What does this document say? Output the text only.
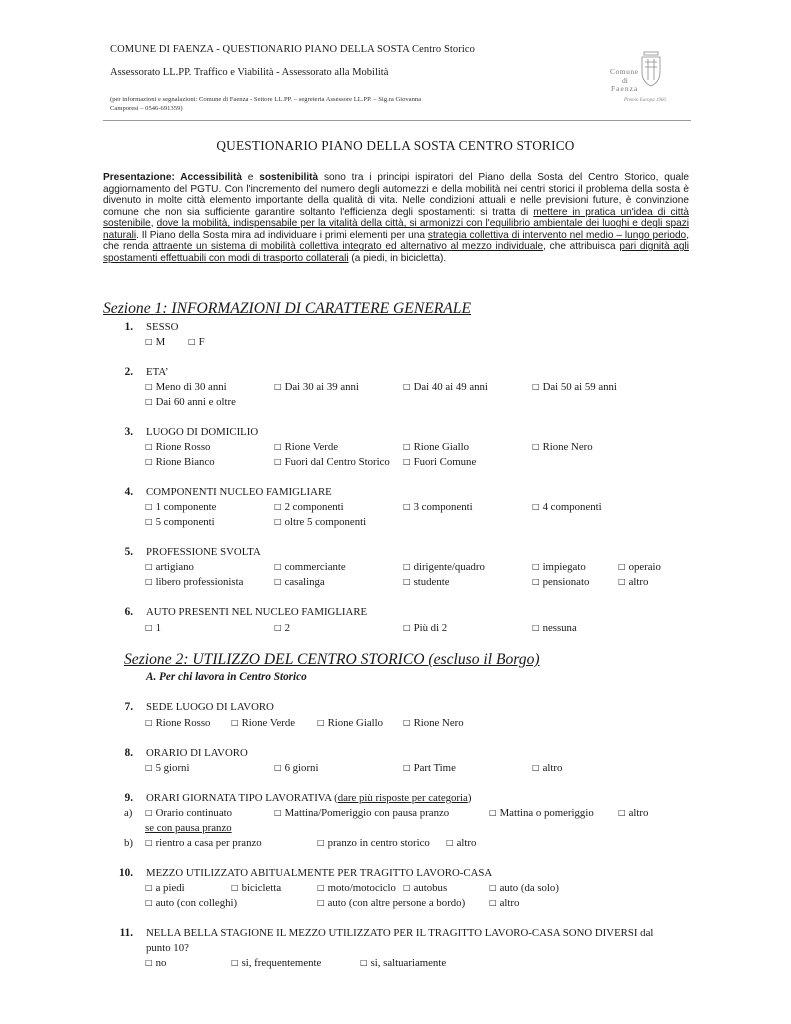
COMUNE DI FAENZA - QUESTIONARIO PIANO DELLA SOSTA Centro Storico
Assessorato LL.PP. Traffico e Viabilità - Assessorato alla Mobilità
(per informazioni e segnalazioni: Comune di Faenza - Settore LL.PP. – segreteria Assessore LL.PP. – Sig.ra Giovanna Camporesi – 0546-691359)
Comune
di
Faenza
Premio Europa 1966
QUESTIONARIO PIANO DELLA SOSTA CENTRO STORICO
Presentazione: Accessibilità e sostenibilità sono tra i principi ispiratori del Piano della Sosta del Centro Storico, quale aggiornamento del PGTU. Con l'incremento del numero degli automezzi e della mobilità nei centri storici il problema della sosta è divenuto in molte città elemento importante della qualità di vita. Nelle condizioni attuali e nelle previsioni future, è convinzione comune che non sia sufficiente garantire soltanto l'efficienza degli spostamenti: si tratta di mettere in pratica un'idea di città sostenibile, dove la mobilità, indispensabile per la vitalità della città, si armonizzi con l'equilibrio ambientale dei luoghi e degli spazi naturali. Il Piano della Sosta mira ad individuare i primi elementi per una strategia collettiva di intervento nel medio – lungo periodo, che renda attraente un sistema di mobilità collettiva integrato ed alternativo al mezzo individuale, che attribuisca pari dignità agli spostamenti effettuabili con modi di trasporto collaterali (a piedi, in bicicletta).
Sezione 1: INFORMAZIONI DI CARATTERE GENERALE
1. SESSO
□ M	□ F
2. ETA’
□ Meno di 30 anni	□ Dai 30 ai 39 anni	□ Dai 40 ai 49 anni	□ Dai 50 ai 59 anni
□ Dai 60 anni e oltre
3. LUOGO DI DOMICILIO
□ Rione Rosso	□ Rione Verde	□ Rione Giallo	□ Rione Nero
□ Rione Bianco	□ Fuori dal Centro Storico □ Fuori Comune
4. COMPONENTI NUCLEO FAMIGLIARE
□ 1 componente	□ 2 componenti	□ 3 componenti	□ 4 componenti
□ 5 componenti	□ oltre 5 componenti
5. PROFESSIONE SVOLTA
□ artigiano	□ commerciante	□ dirigente/quadro	□ impiegato	□ operaio
□ libero professionista	□ casalinga	□ studente	□ pensionato	□ altro
6. AUTO PRESENTI NEL NUCLEO FAMIGLIARE
□ 1	□ 2	□ Più di 2	□ nessuna
Sezione 2: UTILIZZO DEL CENTRO STORICO (escluso il Borgo)
A. Per chi lavora in Centro Storico
7. SEDE LUOGO DI LAVORO
□ Rione Rosso	□ Rione Verde	□ Rione Giallo □ Rione Nero
8. ORARIO DI LAVORO
□ 5 giorni	□ 6 giorni	□ Part Time	□ altro
9. ORARI GIORNATA TIPO LAVORATIVA (dare più risposte per categoria)
a) □ Orario continuato	□ Mattina/Pomeriggio con pausa pranzo	□ Mattina o pomeriggio	□ altro
se con pausa pranzo
b) □ rientro a casa per pranzo	□ pranzo in centro storico □ altro
10. MEZZO UTILIZZATO ABITUALMENTE PER TRAGITTO LAVORO-CASA
□ a piedi	□ bicicletta	□ moto/motociclo □ autobus	□ auto (da solo)
□ auto (con colleghi)	□ auto (con altre persone a bordo)	□ altro
11. NELLA BELLA STAGIONE IL MEZZO UTILIZZATO PER IL TRAGITTO LAVORO-CASA SONO DIVERSI dal
punto 10?
□ no	□ si, frequentemente	□ si, saltuariamente
